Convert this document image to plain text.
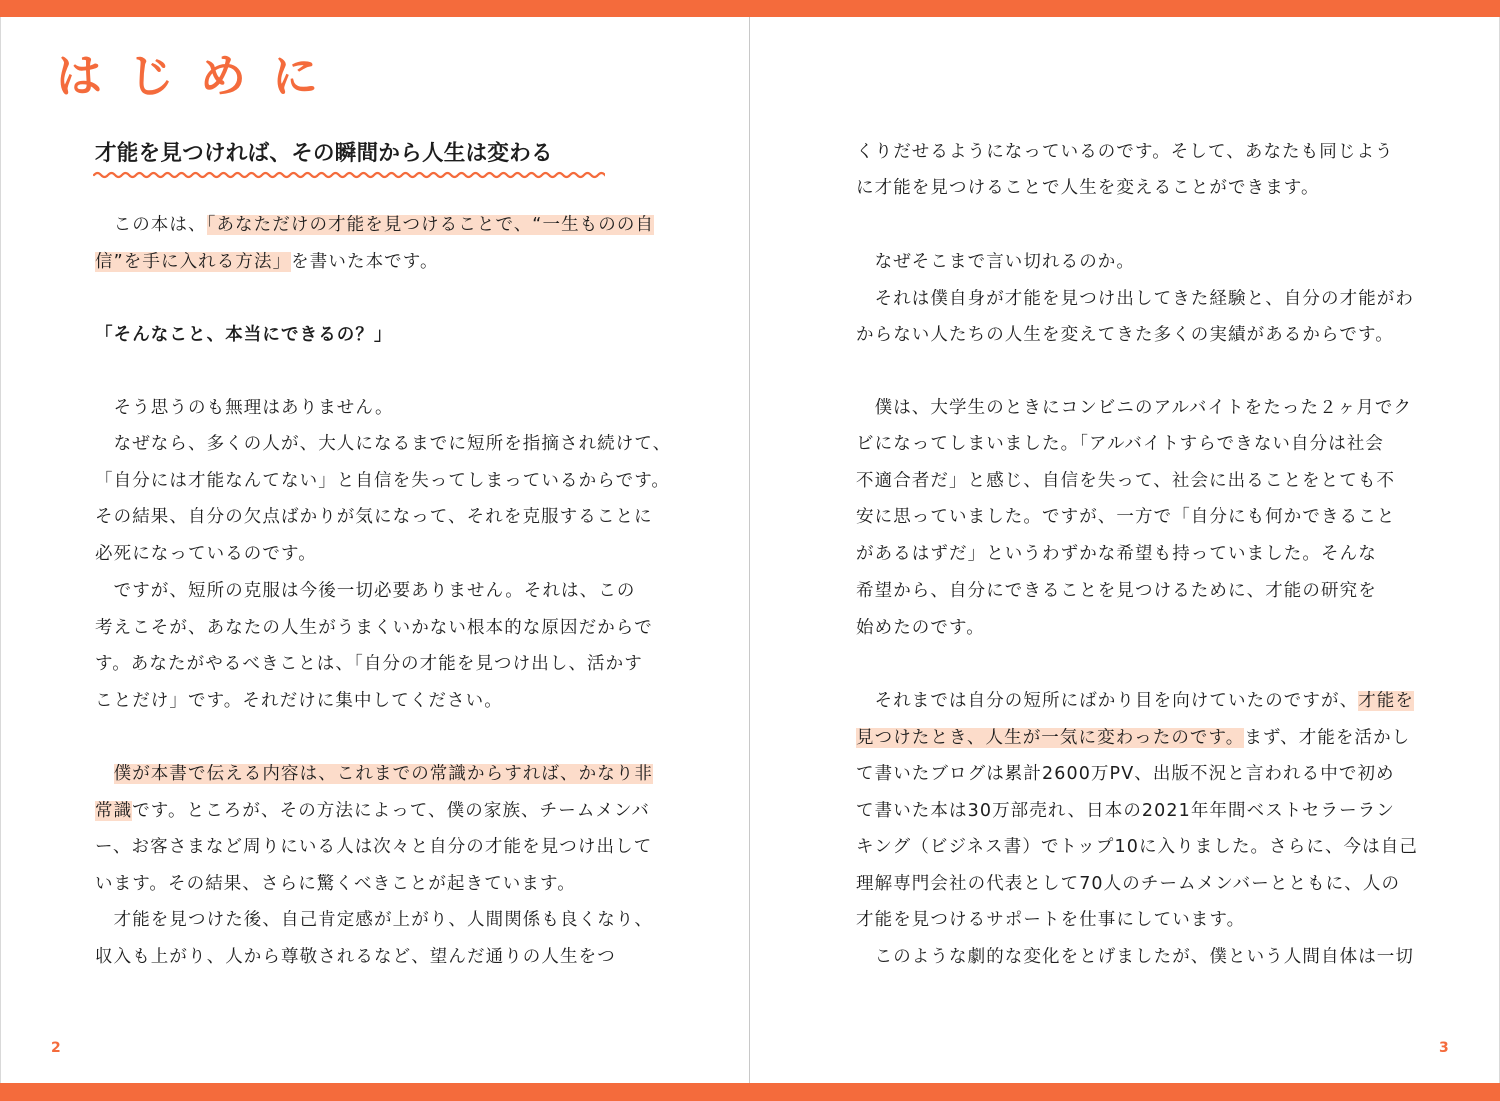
はじめに
才能を見つければ、その瞬間から人生は変わる
　この本は、「あなただけの才能を見つけることで、“一生ものの自
信”を手に入れる方法」を書いた本です。
「そんなこと、本当にできるの？」
　そう思うのも無理はありません。
　なぜなら、多くの人が、大人になるまでに短所を指摘され続けて、
「自分には才能なんてない」と自信を失ってしまっているからです。
その結果、自分の欠点ばかりが気になって、それを克服することに
必死になっているのです。
　ですが、短所の克服は今後一切必要ありません。それは、この
考えこそが、あなたの人生がうまくいかない根本的な原因だからで
す。あなたがやるべきことは、「自分の才能を見つけ出し、活かす
ことだけ」です。それだけに集中してください。
　僕が本書で伝える内容は、これまでの常識からすれば、かなり非
常識です。ところが、その方法によって、僕の家族、チームメンバ
ー、お客さまなど周りにいる人は次々と自分の才能を見つけ出して
います。その結果、さらに驚くべきことが起きています。
　才能を見つけた後、自己肯定感が上がり、人間関係も良くなり、
収入も上がり、人から尊敬されるなど、望んだ通りの人生をつ
くりだせるようになっているのです。そして、あなたも同じよう
に才能を見つけることで人生を変えることができます。
　なぜそこまで言い切れるのか。
　それは僕自身が才能を見つけ出してきた経験と、自分の才能がわ
からない人たちの人生を変えてきた多くの実績があるからです。
　僕は、大学生のときにコンビニのアルバイトをたった２ヶ月でク
ビになってしまいました。「アルバイトすらできない自分は社会
不適合者だ」と感じ、自信を失って、社会に出ることをとても不
安に思っていました。ですが、一方で「自分にも何かできること
があるはずだ」というわずかな希望も持っていました。そんな
希望から、自分にできることを見つけるために、才能の研究を
始めたのです。
　それまでは自分の短所にばかり目を向けていたのですが、才能を
見つけたとき、人生が一気に変わったのです。まず、才能を活かし
て書いたブログは累計2600万PV、出版不況と言われる中で初め
て書いた本は30万部売れ、日本の2021年年間ベストセラーラン
キング（ビジネス書）でトップ10に入りました。さらに、今は自己
理解専門会社の代表として70人のチームメンバーとともに、人の
才能を見つけるサポートを仕事にしています。
　このような劇的な変化をとげましたが、僕という人間自体は一切
2	3
